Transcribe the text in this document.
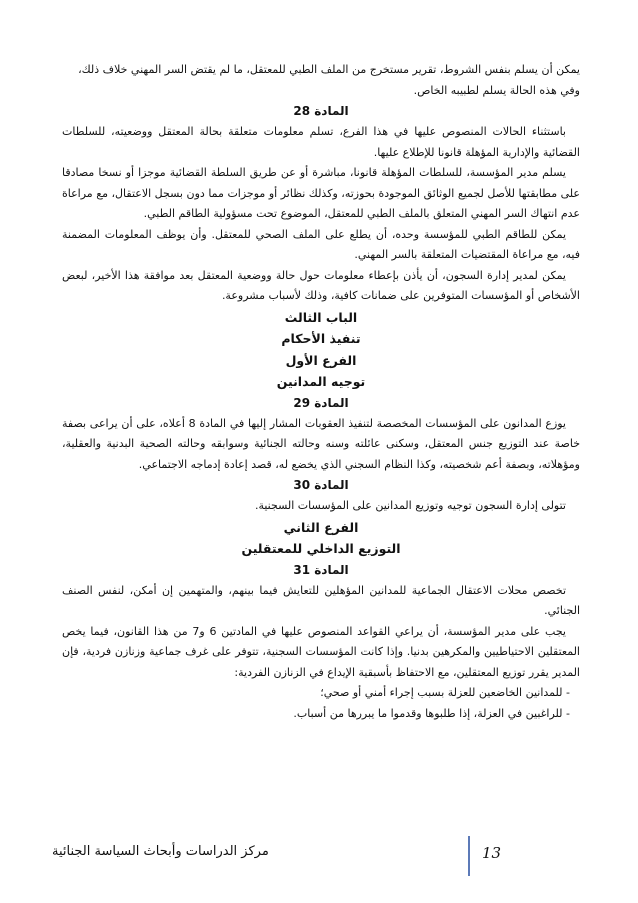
يمكن أن يسلم بنفس الشروط، تقرير مستخرج من الملف الطبي للمعتقل، ما لم يقتض السر المهني خلاف ذلك، وفي هذه الحالة يسلم لطبيبه الخاص.

المادة 28

باستثناء الحالات المنصوص عليها في هذا الفرع، تسلم معلومات متعلقة بحالة المعتقل ووضعيته، للسلطات القضائية والإدارية المؤهلة قانونا للإطلاع عليها.

يسلم مدير المؤسسة، للسلطات المؤهلة قانونا، مباشرة أو عن طريق السلطة القضائية موجزا أو نسخا مصادقا على مطابقتها للأصل لجميع الوثائق الموجودة بحوزته، وكذلك نظائر أو موجزات مما دون بسجل الاعتقال، مع مراعاة عدم انتهاك السر المهني المتعلق بالملف الطبي للمعتقل، الموضوع تحت مسؤولية الطاقم الطبي.

يمكن للطاقم الطبي للمؤسسة وحده، أن يطلع على الملف الصحي للمعتقل. وأن يوظف المعلومات المضمنة فيه، مع مراعاة المقتضيات المتعلقة بالسر المهني.

يمكن لمدير إدارة السجون، أن يأذن بإعطاء معلومات حول حالة ووضعية المعتقل بعد موافقة هذا الأخير، لبعض الأشخاص أو المؤسسات المتوفرين على ضمانات كافية، وذلك لأسباب مشروعة.

الباب الثالث
تنفيذ الأحكام
الفرع الأول
توجيه المدانين
المادة 29

يوزع المدانون على المؤسسات المخصصة لتنفيذ العقوبات المشار إليها في المادة 8 أعلاه، على أن يراعى بصفة خاصة عند التوزيع جنس المعتقل، وسكنى عائلته وسنه وحالته الجنائية وسوابقه وحالته الصحية البدنية والعقلية، ومؤهلاته، وبصفة أعم شخصيته، وكذا النظام السجني الذي يخضع له، قصد إعادة إدماجه الاجتماعي.

المادة 30

تتولى إدارة السجون توجيه وتوزيع المدانين على المؤسسات السجنية.

الفرع الثاني
التوزيع الداخلي للمعتقلين
المادة 31

تخصص محلات الاعتقال الجماعية للمدانين المؤهلين للتعايش فيما بينهم، والمتهمين إن أمكن، لنفس الصنف الجنائي.

يجب على مدير المؤسسة، أن يراعي القواعد المنصوص عليها في المادتين 6 و7 من هذا القانون، فيما يخص المعتقلين الاحتياطيين والمكرهين بدنيا. وإذا كانت المؤسسات السجنية، تتوفر على غرف جماعية وزنازن فردية، فإن المدير يقرر توزيع المعتقلين، مع الاحتفاظ بأسبقية الإيداع في الزنازن الفردية:

- للمدانين الخاضعين للعزلة بسبب إجراء أمني أو صحي؛

- للراغبين في العزلة، إذا طلبوها وقدموا ما يبررها من أسباب.

مركز الدراسات وأبحاث السياسة الجنائية	13
